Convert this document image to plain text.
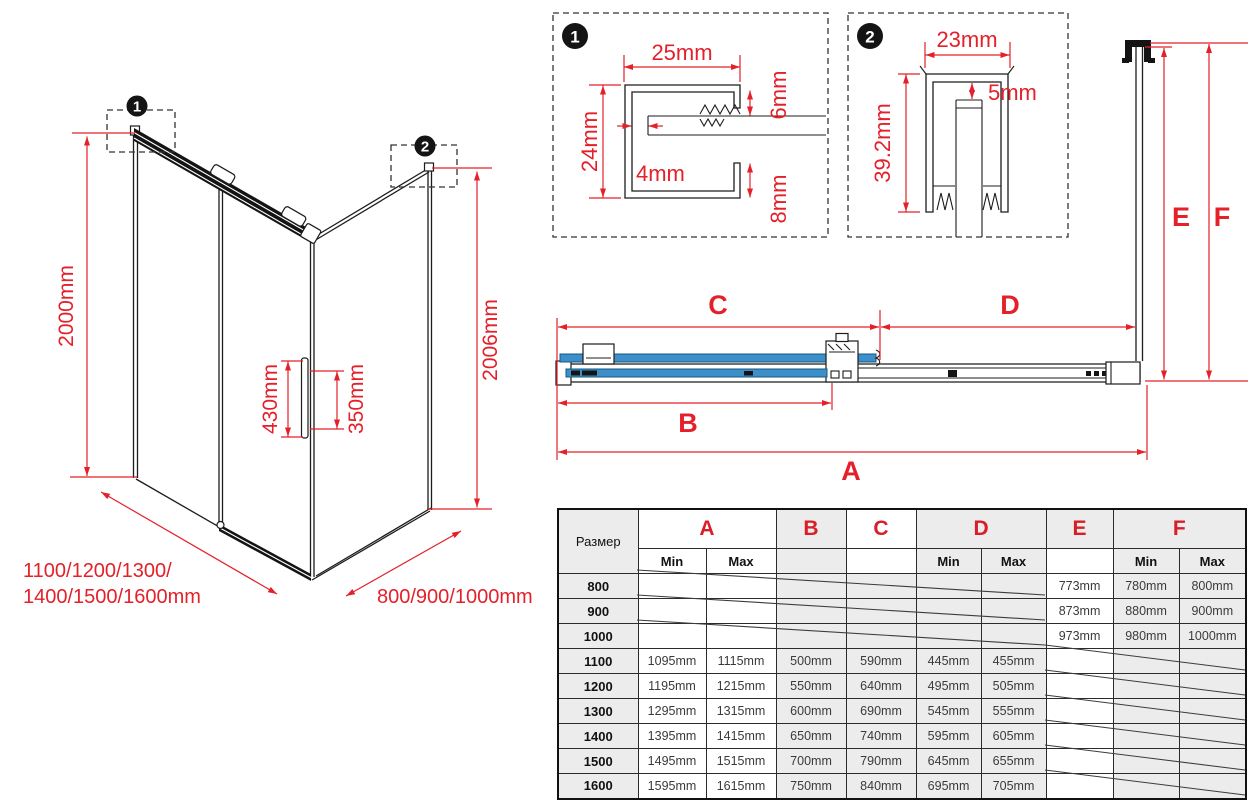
2000mm	2006mm
430mm	350mm
1100/1200/1300/
1400/1500/1600mm	800/900/1000mm
1
2
1
25mm
24mm
4mm
6mm
8mm
2	23mm
5mm
39.2mm
C	D
B
A
E F
Размер	A		B	C	D		E	F	
	Min	Max			Min	Max		Min	Max
800							773mm	780mm	800mm
900							873mm	880mm	900mm
1000							973mm	980mm	1000mm
1100	1095mm	1115mm	500mm	590mm	445mm	455mm			
1200	1195mm	1215mm	550mm	640mm	495mm	505mm			
1300	1295mm	1315mm	600mm	690mm	545mm	555mm			
1400	1395mm	1415mm	650mm	740mm	595mm	605mm			
1500	1495mm	1515mm	700mm	790mm	645mm	655mm			
1600	1595mm	1615mm	750mm	840mm	695mm	705mm			
